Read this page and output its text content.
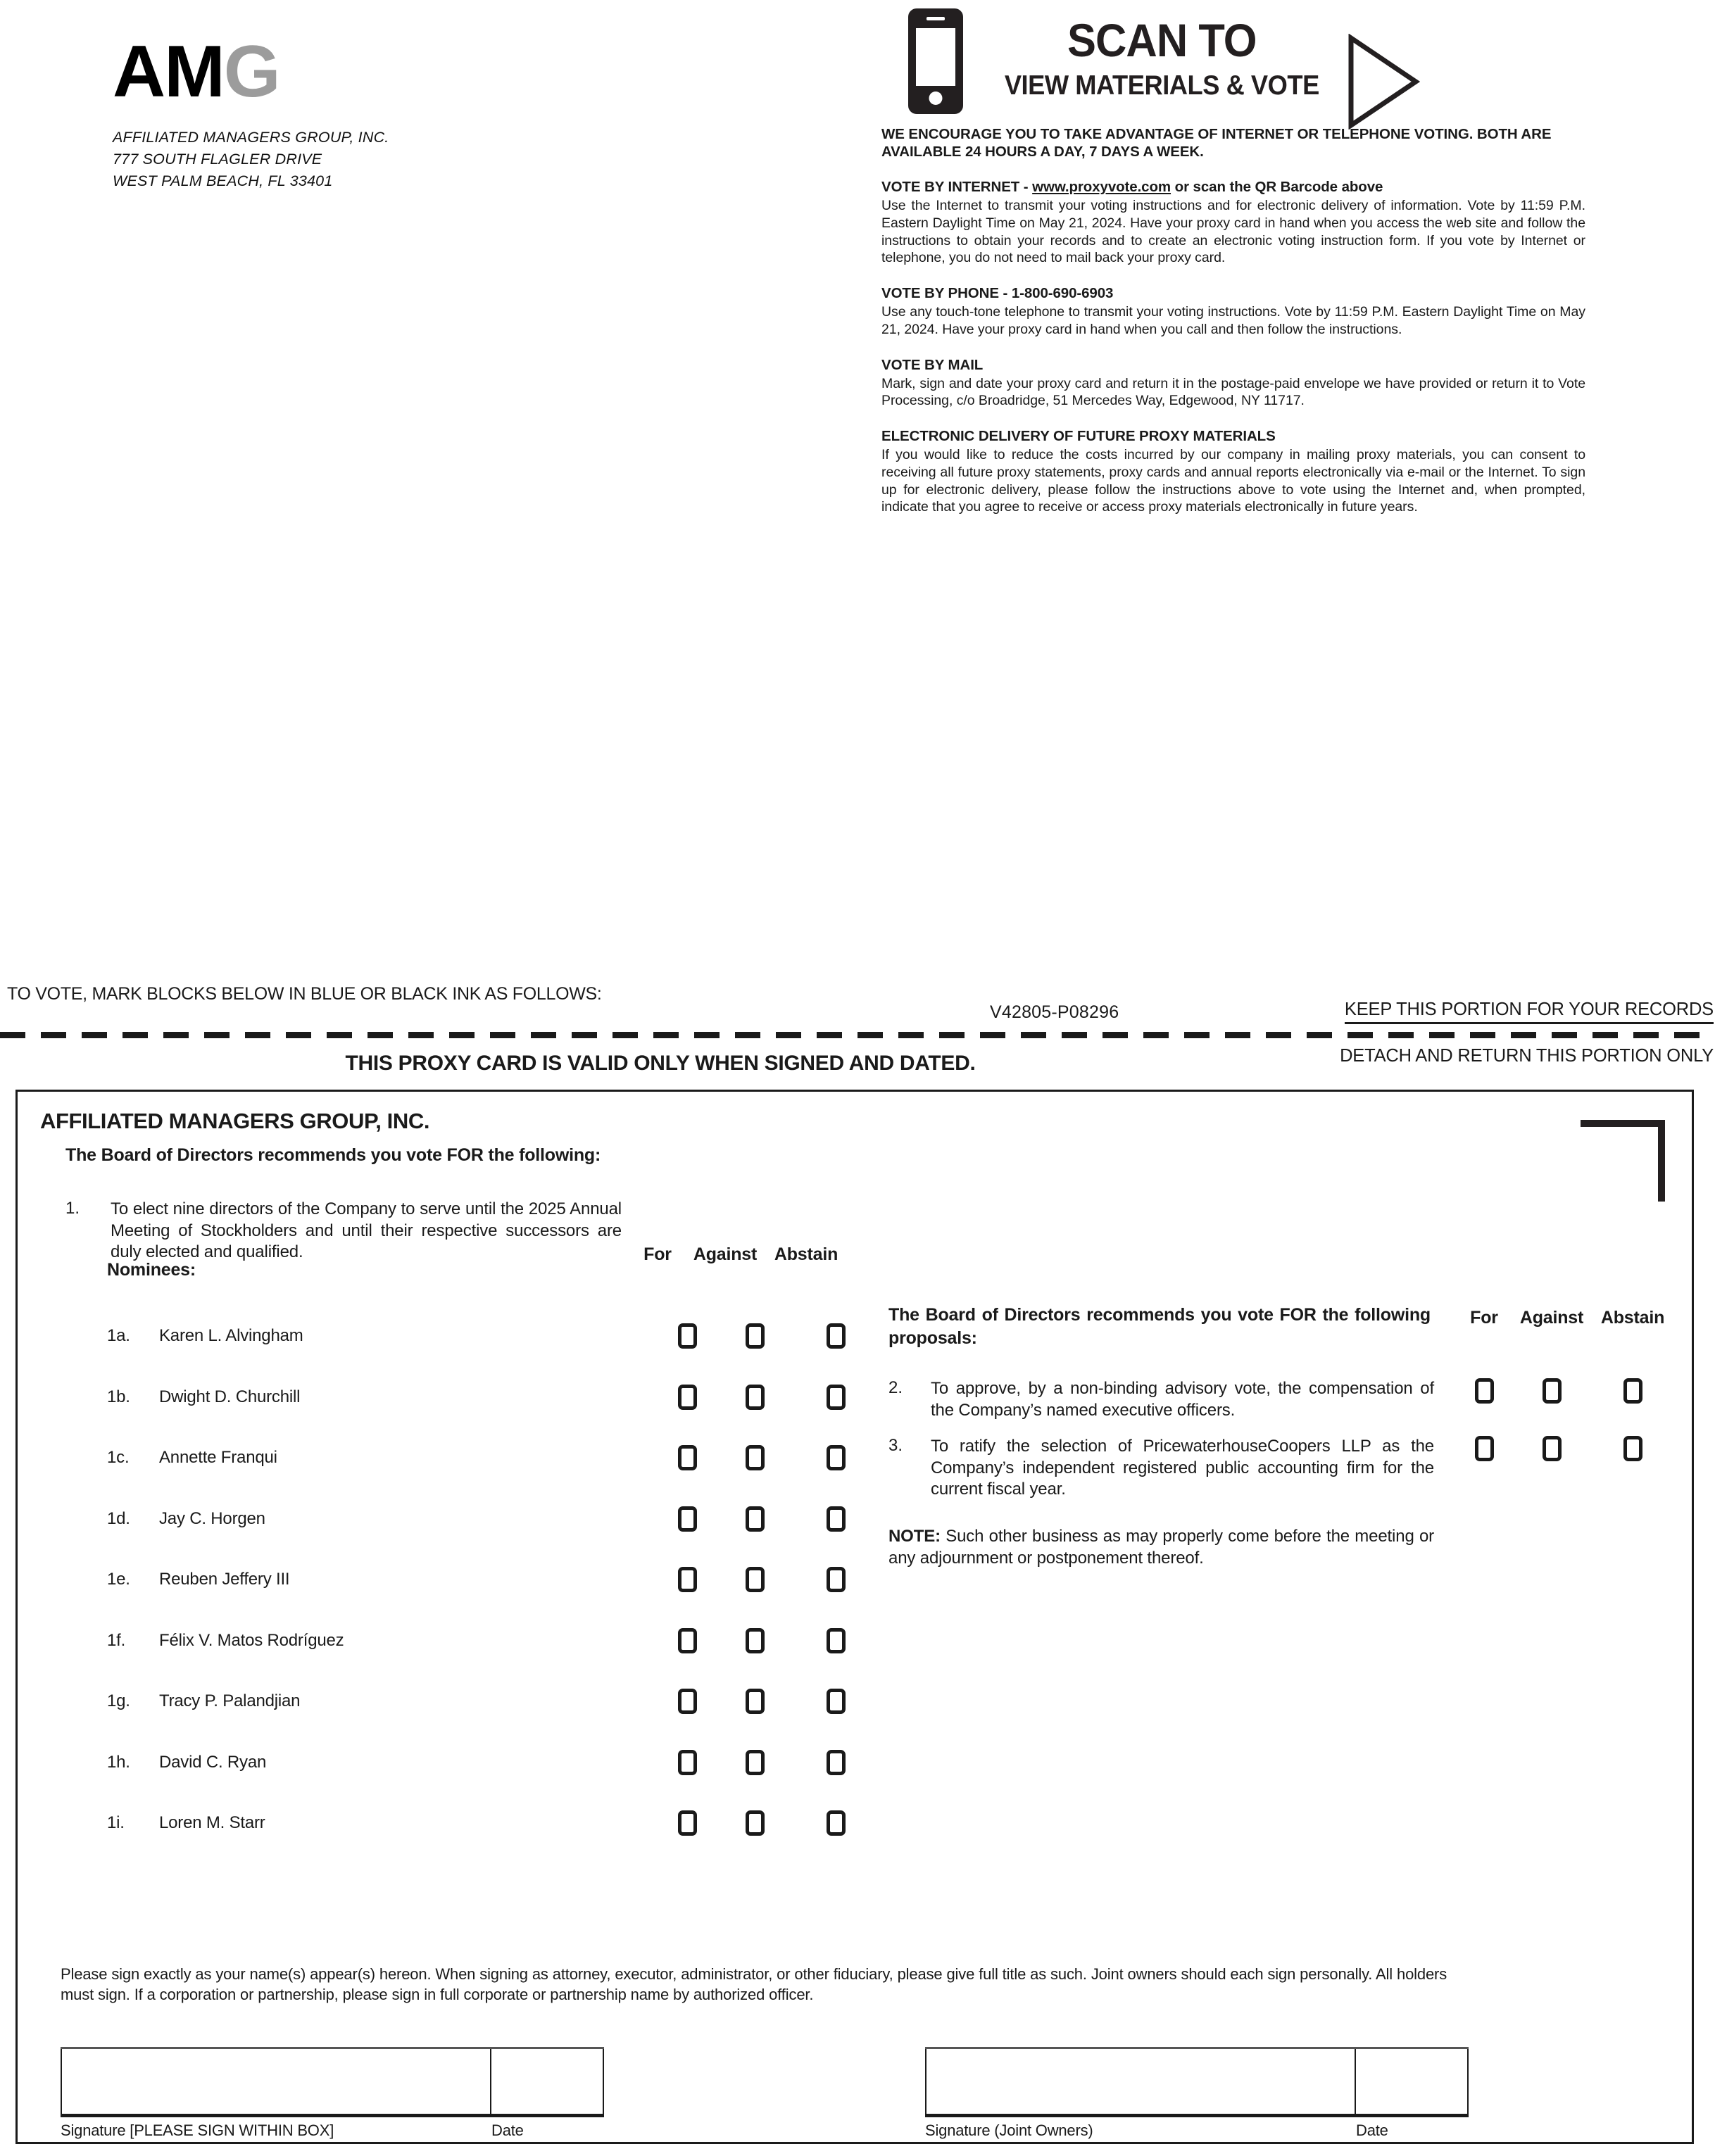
AMG
AFFILIATED MANAGERS GROUP, INC.
777 SOUTH FLAGLER DRIVE
WEST PALM BEACH, FL 33401
SCAN TO
VIEW MATERIALS & VOTE
WE ENCOURAGE YOU TO TAKE ADVANTAGE OF INTERNET OR TELEPHONE VOTING. BOTH ARE AVAILABLE 24 HOURS A DAY, 7 DAYS A WEEK.
VOTE BY INTERNET - www.proxyvote.com or scan the QR Barcode above
Use the Internet to transmit your voting instructions and for electronic delivery of information. Vote by 11:59 P.M. Eastern Daylight Time on May 21, 2024. Have your proxy card in hand when you access the web site and follow the instructions to obtain your records and to create an electronic voting instruction form. If you vote by Internet or telephone, you do not need to mail back your proxy card.
VOTE BY PHONE - 1-800-690-6903
Use any touch-tone telephone to transmit your voting instructions. Vote by 11:59 P.M. Eastern Daylight Time on May 21, 2024. Have your proxy card in hand when you call and then follow the instructions.
VOTE BY MAIL
Mark, sign and date your proxy card and return it in the postage-paid envelope we have provided or return it to Vote Processing, c/o Broadridge, 51 Mercedes Way, Edgewood, NY 11717.
ELECTRONIC DELIVERY OF FUTURE PROXY MATERIALS
If you would like to reduce the costs incurred by our company in mailing proxy materials, you can consent to receiving all future proxy statements, proxy cards and annual reports electronically via e-mail or the Internet. To sign up for electronic delivery, please follow the instructions above to vote using the Internet and, when prompted, indicate that you agree to receive or access proxy materials electronically in future years.
TO VOTE, MARK BLOCKS BELOW IN BLUE OR BLACK INK AS FOLLOWS:
V42805-P08296	KEEP THIS PORTION FOR YOUR RECORDS
DETACH AND RETURN THIS PORTION ONLY
THIS PROXY CARD IS VALID ONLY WHEN SIGNED AND DATED.
AFFILIATED MANAGERS GROUP, INC.
The Board of Directors recommends you vote FOR the following:
1.	To elect nine directors of the Company to serve until the 2025 Annual Meeting of Stockholders and until their respective successors are duly elected and qualified.
Nominees:
For	Against Abstain
For	Against Abstain
1a.	Karen L. Alvingham
1b.	Dwight D. Churchill
1c.	Annette Franqui
1d.	Jay C. Horgen
1e.	Reuben Jeffery III
1f.	Félix V. Matos Rodríguez
1g.	Tracy P. Palandjian
1h.	David C. Ryan
1i.	Loren M. Starr
The Board of Directors recommends you vote FOR the following proposals:
2.	To approve, by a non-binding advisory vote, the compensation of the Company’s named executive officers.
3.	To ratify the selection of PricewaterhouseCoopers LLP as the Company’s independent registered public accounting firm for the current fiscal year.
NOTE: Such other business as may properly come before the meeting or any adjournment or postponement thereof.
Please sign exactly as your name(s) appear(s) hereon. When signing as attorney, executor, administrator, or other fiduciary, please give full title as such. Joint owners should each sign personally. All holders must sign. If a corporation or partnership, please sign in full corporate or partnership name by authorized officer.
Signature [PLEASE SIGN WITHIN BOX]	Date	Signature (Joint Owners)	Date
